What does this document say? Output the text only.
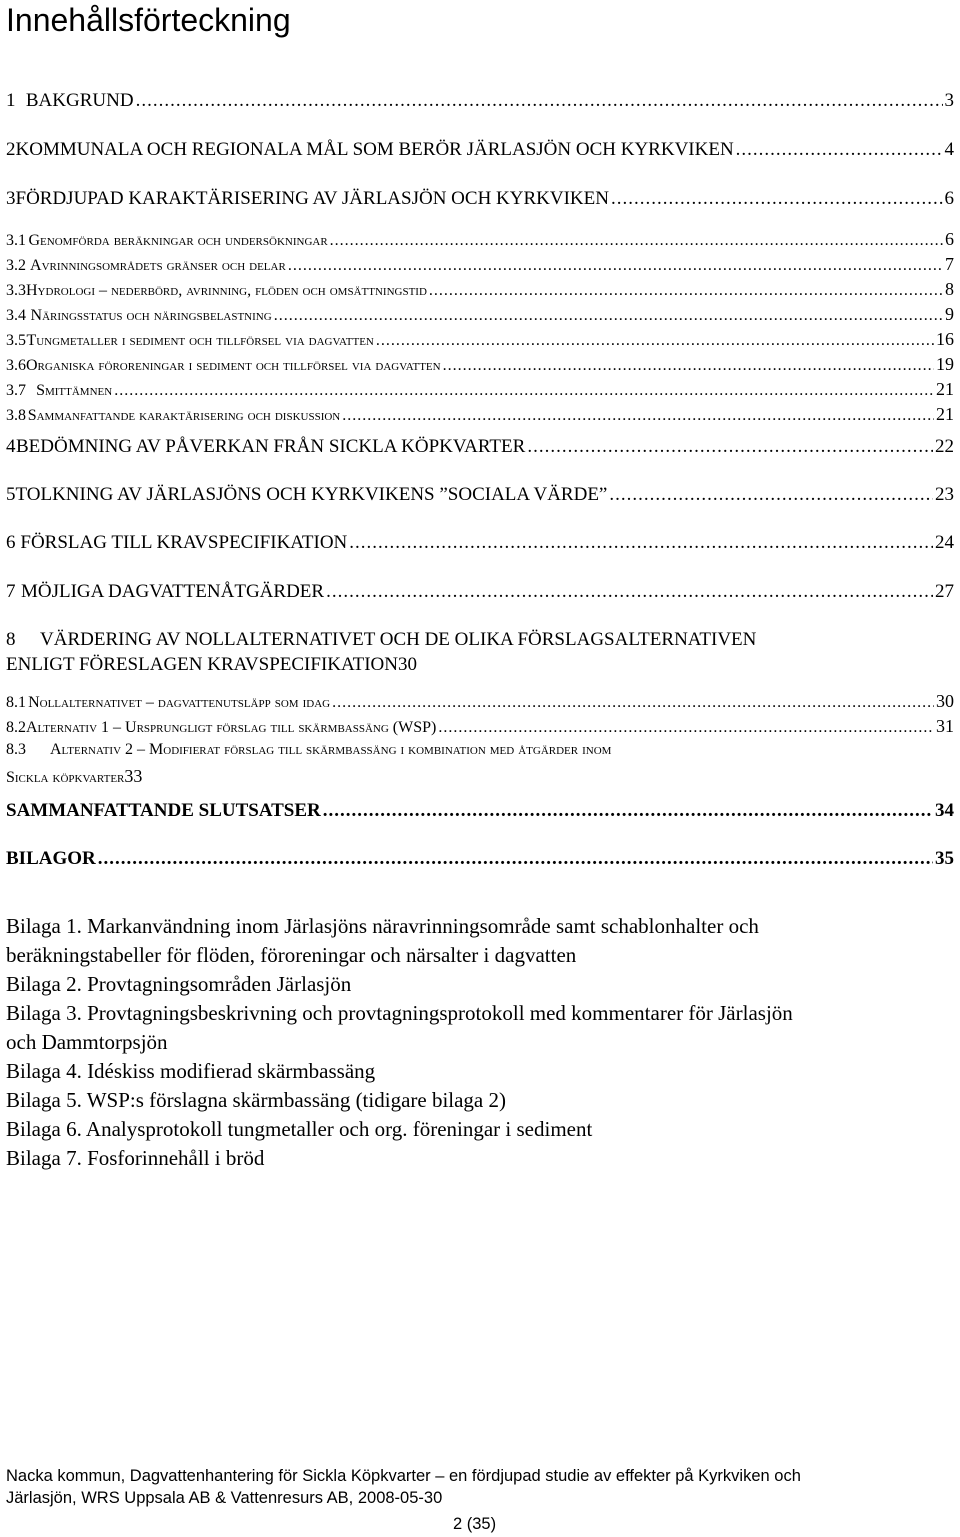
Innehållsförteckning
1 BAKGRUND .....	3
2 KOMMUNALA OCH REGIONALA MÅL SOM BERÖR JÄRLASJÖN OCH KYRKVIKEN .....	4
3 FÖRDJUPAD KARAKTÄRISERING AV JÄRLASJÖN OCH KYRKVIKEN .....	6
3.1 Genomförda beräkningar och undersökningar .....	6
3.2 Avrinningsområdets gränser och delar .....	7
3.3 Hydrologi – nederbörd, avrinning, flöden och omsättningstid .....	8
3.4 Näringsstatus och näringsbelastning .....	9
3.5 Tungmetaller i sediment och tillförsel via dagvatten .....	16
3.6 Organiska föroreningar i sediment och tillförsel via dagvatten .....	19
3.7 Smittämnen .....	21
3.8 Sammanfattande karaktärisering och diskussion .....	21
4 BEDÖMNING AV PÅVERKAN FRÅN SICKLA KÖPKVARTER .....	22
5 TOLKNING AV JÄRLASJÖNS OCH KYRKVIKENS ”SOCIALA VÄRDE” .....	23
6 FÖRSLAG TILL KRAVSPECIFIKATION .....	24
7 MÖJLIGA DAGVATTENÅTGÄRDER .....	27
8	VÄRDERING AV NOLLALTERNATIVET OCH DE OLIKA FÖRSLAGSALTERNATIVEN
ENLIGT FÖRESLAGEN KRAVSPECIFIKATION 30
8.1 Nollalternativet – dagvattenutsläpp som idag .....	30
8.2 Alternativ 1 – Ursprungligt förslag till skärmbassäng (WSP) .....	31
8.3	Alternativ 2 – Modifierat förslag till skärmbassäng i kombination med åtgärder inom
Sickla köpkvarter 33
SAMMANFATTANDE SLUTSATSER .....	34
BILAGOR .....	35
Bilaga 1. Markanvändning inom Järlasjöns näravrinningsområde samt schablonhalter och
beräkningstabeller för flöden, föroreningar och närsalter i dagvatten
Bilaga 2. Provtagningsområden Järlasjön
Bilaga 3. Provtagningsbeskrivning och provtagningsprotokoll med kommentarer för Järlasjön
och Dammtorpsjön
Bilaga 4. Idéskiss modifierad skärmbassäng
Bilaga 5. WSP:s förslagna skärmbassäng (tidigare bilaga 2)
Bilaga 6. Analysprotokoll tungmetaller och org. föreningar i sediment
Bilaga 7. Fosforinnehåll i bröd
Nacka kommun, Dagvattenhantering för Sickla Köpkvarter – en fördjupad studie av effekter på Kyrkviken och
Järlasjön, WRS Uppsala AB & Vattenresurs AB, 2008-05-30
2 (35)
